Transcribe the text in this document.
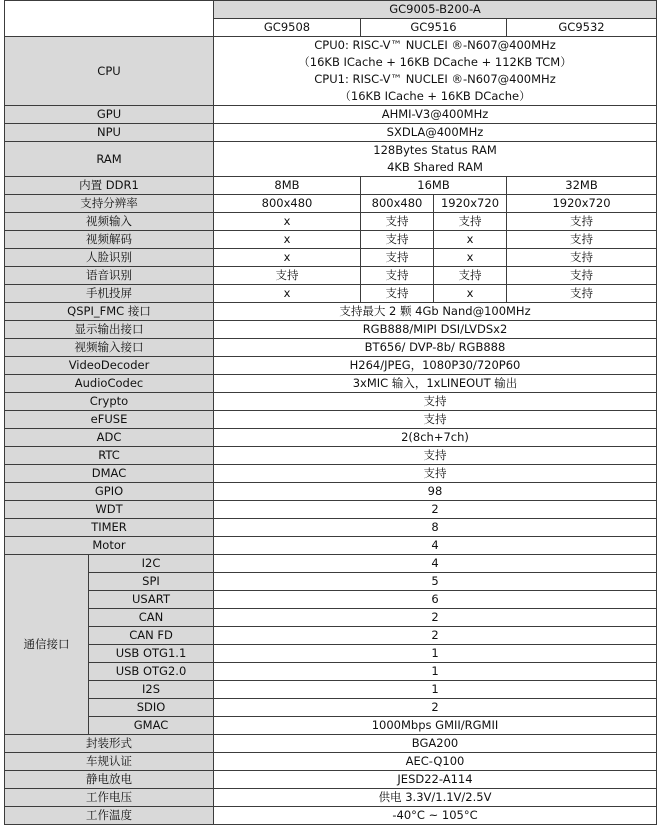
		GC9005-B200-A			
		GC9508	GC9516		GC9532
CPU		CPU0: RISC-V™ NUCLEI ®-N607@400MHz
（16KB ICache + 16KB DCache + 112KB TCM）
CPU1: RISC-V™ NUCLEI ®-N607@400MHz
（16KB ICache + 16KB DCache）			

GPU		AHMI-V3@400MHz			

NPU		SXDLA@400MHz			

RAM		128Bytes Status RAM
4KB Shared RAM			

内置 DDR1		8MB	16MB		32MB
支持分辨率		800x480	800x480	1920x720	1920x720
视频输入		x	支持	支持	支持
视频解码		x	支持	x	支持
人脸识别		x	支持	x	支持
语音识别		支持	支持	支持	支持
手机投屏		x	支持	x	支持
QSPI_FMC 接口		支持最大 2 颗 4Gb Nand@100MHz			
显示输出接口		RGB888/MIPI DSI/LVDSx2			
视频输入接口		BT656/ DVP-8b/ RGB888			
VideoDecoder		H264/JPEG，1080P30/720P60			
AudioCodec		3xMIC 输入，1xLINEOUT 输出			
Crypto		支持			
eFUSE		支持			
ADC		2(8ch+7ch)			
RTC		支持			
DMAC		支持			
GPIO		98			
WDT		2			
TIMER		8			
Motor		4			
通信接口	I2C	4			
	SPI	5			
	USART	6			
	CAN	2			
	CAN FD	2			
	USB OTG1.1	1			
	USB OTG2.0	1			
	I2S	1			
	SDIO	2			
	GMAC	1000Mbps GMII/RGMII			
封装形式		BGA200			
车规认证		AEC-Q100			
静电放电		JESD22-A114			
工作电压		供电 3.3V/1.1V/2.5V			
工作温度		-40°C ~ 105°C			
